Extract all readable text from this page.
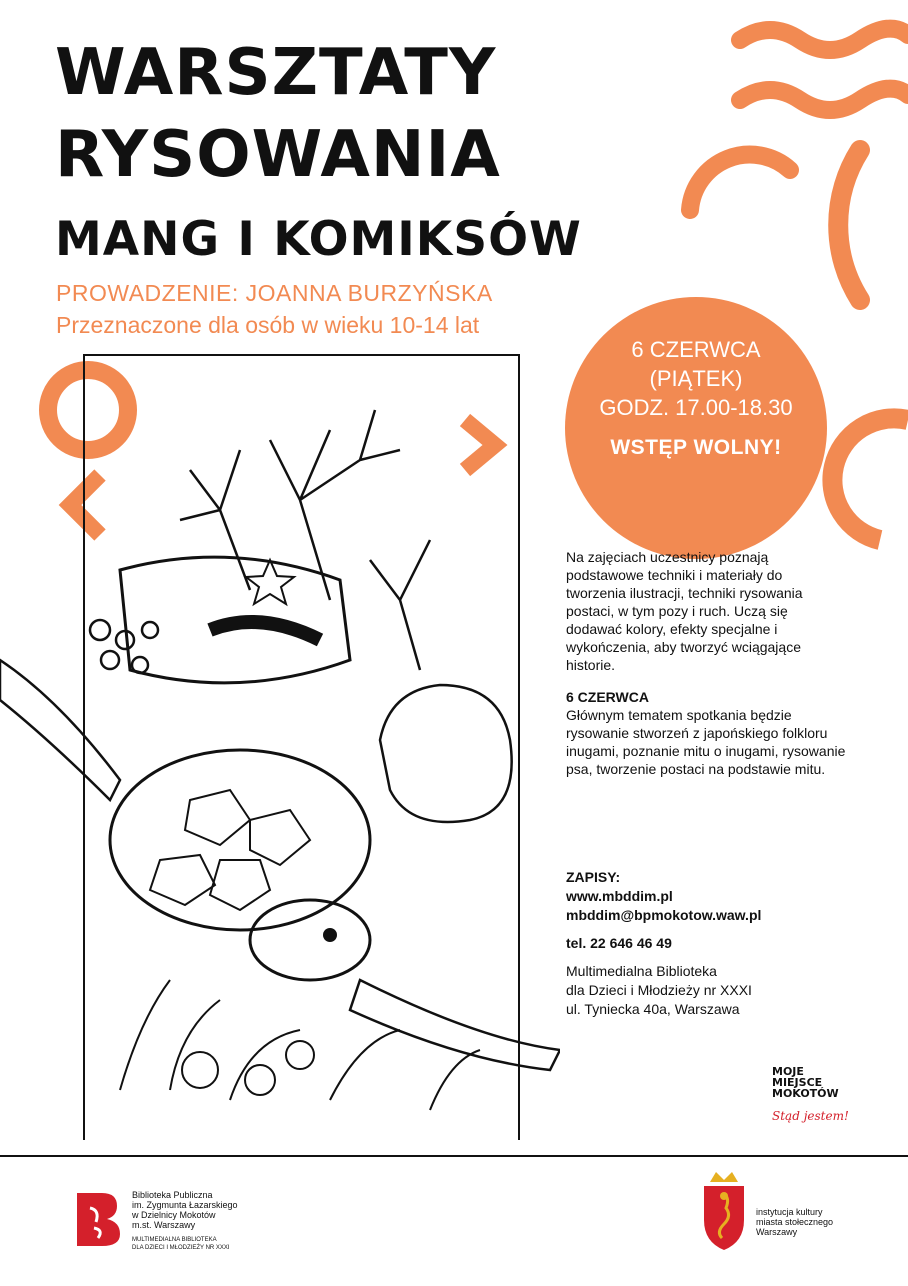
WARSZTATY
RYSOWANIA
MANG I KOMIKSÓW
PROWADZENIE: JOANNA BURZYŃSKA
Przeznaczone dla osób w wieku 10-14 lat
6 CZERWCA
(PIĄTEK)
GODZ. 17.00-18.30
WSTĘP WOLNY!

Na zajęciach uczestnicy poznają podstawowe techniki i materiały do tworzenia ilustracji, techniki rysowania postaci, w tym pozy i ruch. Uczą się dodawać kolory, efekty specjalne i wykończenia, aby tworzyć wciągające historie.

6 CZERWCA

Głównym tematem spotkania będzie rysowanie stworzeń z japońskiego folkloru inugami, poznanie mitu o inugami, rysowanie psa, tworzenie postaci na podstawie mitu.

ZAPISY:
www.mbddim.pl
mbddim@bpmokotow.waw.pl
tel. 22 646 46 49
Multimedialna Biblioteka
dla Dzieci i Młodzieży nr XXXI
ul. Tyniecka 40a, Warszawa
MOJE
MIEJSCE
MOKOTÓW
Stąd jestem!
Biblioteka Publiczna
im. Zygmunta Łazarskiego
w Dzielnicy Mokotów
m.st. Warszawy
MULTIMEDIALNA BIBLIOTEKA
DLA DZIECI I MŁODZIEŻY NR XXXI
instytucja kultury
miasta stołecznego
Warszawy
